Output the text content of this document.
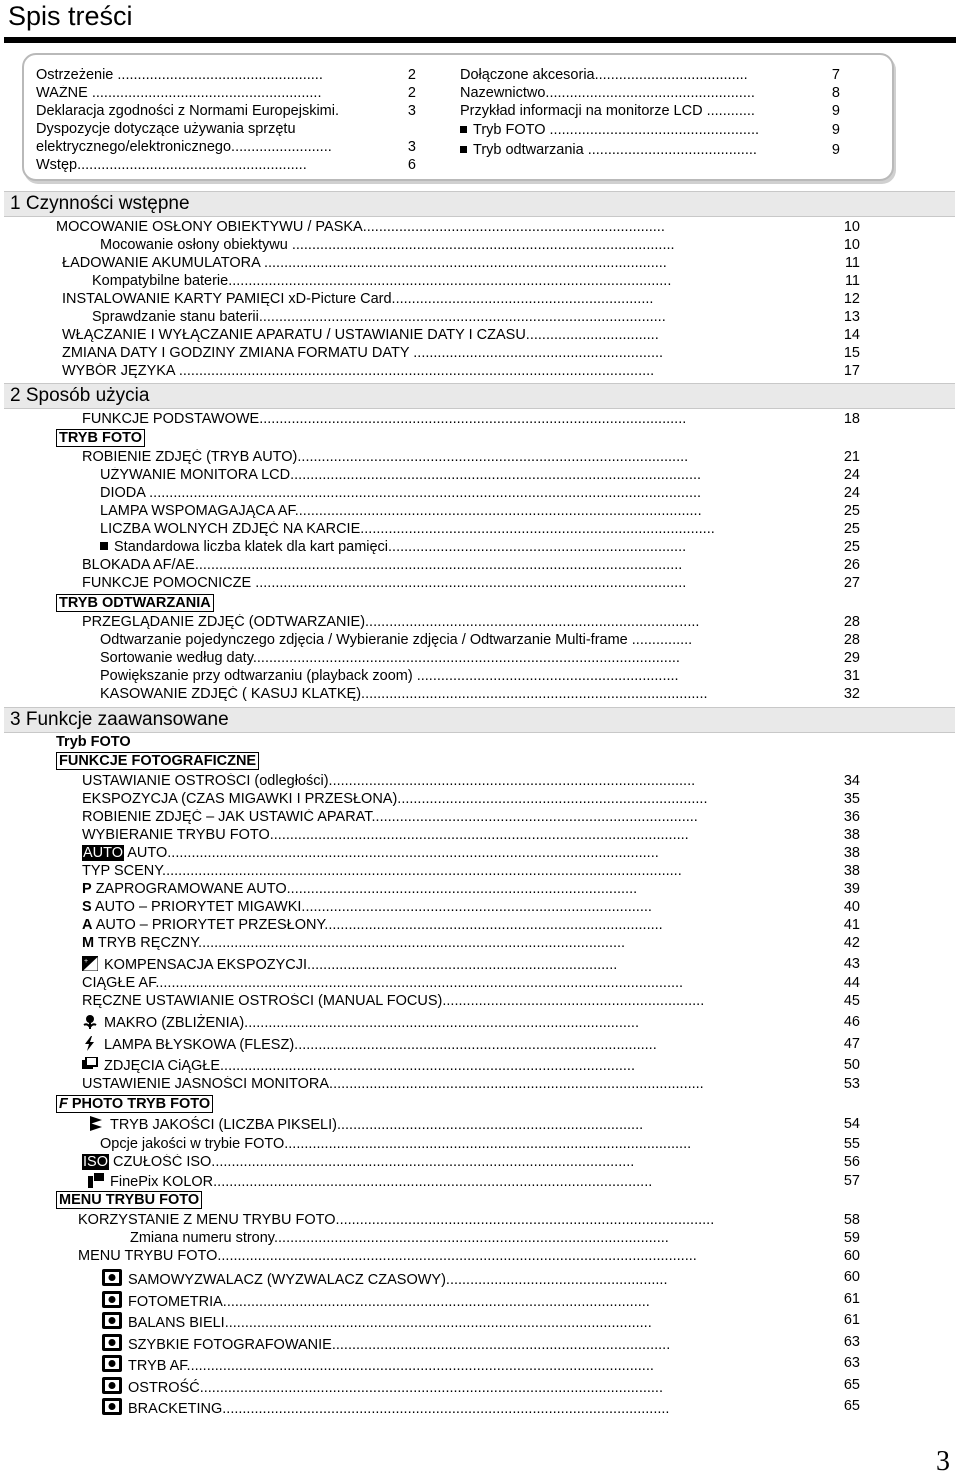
Spis treści
Ostrzeżenie ...................................................	2
WAŻNE .........................................................	2
Deklaracja zgodności z Normami Europejskimi.	3
Dyspozycje dotyczące używania sprzętu
elektrycznego/elektronicznego.........................	3
Wstęp.........................................................	6
Dołączone akcesoria......................................	7
Nazewnictwo....................................................	8
Przykład informacji na monitorze LCD ............	9
Tryb FOTO ....................................................	9
Tryb odtwarzania ..........................................	9
1 Czynności wstępne
MOCOWANIE OSŁONY OBIEKTYWU / PASKA...........................................................................	10
Mocowanie osłony obiektywu ...............................................................................................	10
ŁADOWANIE AKUMULATORA ....................................................................................................	11
Kompatybilne baterie..............................................................................................................	11
INSTALOWANIE KARTY PAMIĘCI xD-Picture Card.................................................................	12
Sprawdzanie stanu baterii.....................................................................................................	13
WŁĄCZANIE I WYŁĄCZANIE APARATU / USTAWIANIE DATY I CZASU.................................	14
ZMIANA DATY I GODZINY ZMIANA FORMATU DATY ..............................................................	15
WYBÓR JĘZYKA ......................................................................................................................	17
2 Sposób użycia
FUNKCJE PODSTAWOWE..........................................................................................................	18
TRYB FOTO
ROBIENIE ZDJĘĆ (TRYB AUTO).................................................................................................	21
UŻYWANIE MONITORA LCD......................................................................................................	24
DIODA .........................................................................................................................................	24
LAMPA WSPOMAGAJĄCA AF.....................................................................................................	25
LICZBA WOLNYCH ZDJĘĆ NA KARCIE........................................................................................	25
Standardowa liczba klatek dla kart pamięci..........................................................................	25
BLOKADA AF/AE.........................................................................................................................	26
FUNKCJE POMOCNICZE ...........................................................................................................	27
TRYB ODTWARZANIA
PRZEGLĄDANIE ZDJĘĆ (ODTWARZANIE)...................................................................................	28
Odtwarzanie pojedynczego zdjęcia / Wybieranie zdjęcia / Odtwarzanie Multi-frame ...............	28
Sortowanie według daty..........................................................................................................	29
Powiększanie przy odtwarzaniu (playback zoom) .................................................................	31
KASOWANIE ZDJĘĆ ( KASUJ KLATKĘ)......................................................................................	32
3 Funkcje zaawansowane
Tryb FOTO
FUNKCJE FOTOGRAFICZNE
USTAWIANIE OSTROŚCI (odległości)...........................................................................................	34
EKSPOZYCJA (CZAS MIGAWKI I PRZESŁONA).............................................................................	35
ROBIENIE ZDJĘĆ – JAK USTAWIĆ APARAT.................................................................................	36
WYBIERANIE TRYBU FOTO........................................................................................................	38
AUTO AUTO..........................................................................................................................	38
TYP SCENY.................................................................................................................................	38
P ZAPROGRAMOWANE AUTO.......................................................................................	39
S AUTO – PRIORYTET MIGAWKI.......................................................................................	40
A AUTO – PRIORYTET PRZESŁONY....................................................................................	41
M TRYB RĘCZNY..........................................................................................................	42
+ KOMPENSACJA EKSPOZYCJI.............................................................................	43
CIĄGŁE AF...................................................................................................................................	44
RĘCZNE USTAWIANIE OSTROŚCI (MANUAL FOCUS).................................................................	45
MAKRO (ZBLIŻENIA)..................................................................................................	46
LAMPA BŁYSKOWA (FLESZ)..........................................................................................	47
ZDJĘCIA CiĄGŁE.......................................................................................................	50
USTAWIENIE JASNOŚCI MONITORA.............................................................................................	53
F PHOTO TRYB FOTO
TRYB JAKOŚCI (LICZBA PIKSELI)............................................................................	54
Opcje jakości w trybie FOTO.....................................................................................................	55
ISO CZUŁOŚĆ ISO.........................................................................................................	56
FinePix KOLOR.............................................................................................................	57
MENU TRYBU FOTO
KORZYSTANIE Z MENU TRYBU FOTO..............................................................................................	58
Zmiana numeru strony..................................................................................................	59
MENU TRYBU FOTO.......................................................................................................................	60
SAMOWYZWALACZ (WYZWALACZ CZASOWY).......................................................	60
FOTOMETRIA..........................................................................................................	61
BALANS BIELI..........................................................................................................	61
SZYBKIE FOTOGRAFOWANIE....................................................................................	63
TRYB AF....................................................................................................................	63
OSTROŚĆ...................................................................................................................	65
BRACKETING...............................................................................................................	65
3
